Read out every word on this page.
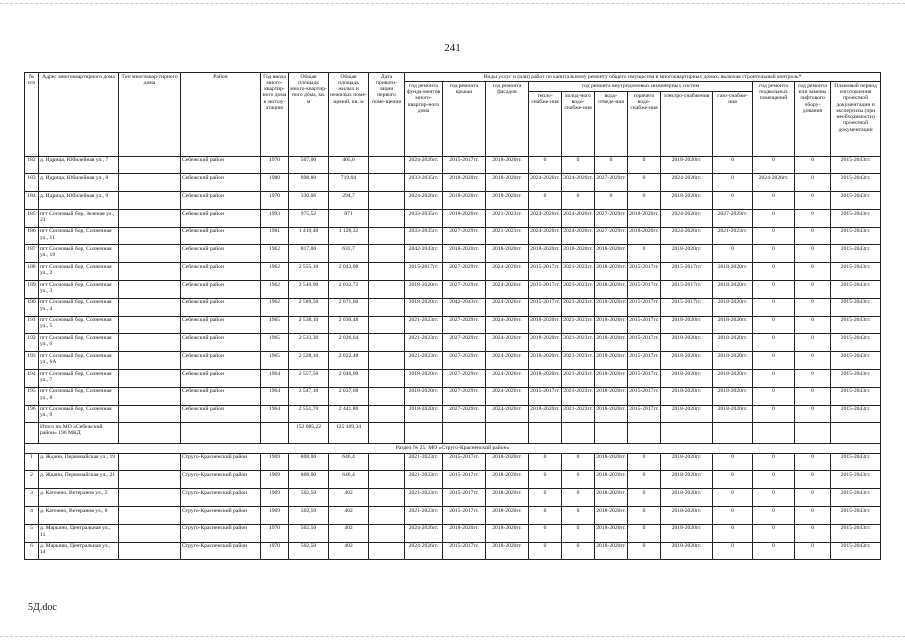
241
№ п/п	Адрес многоквартирного дома	Тип многоквар-тирного дома	Район	Год ввода много-квартир-ного дома в эксплу-атацию	Общая площадь много-квартир-ного дома, кв. м	Общая площадь жилых и нежилых поме-щений, кв. м	Дата привати-зации первого поме-щения	Виды услуг и (или) работ по капитальному ремонту общего имущества в многоквартирных домах, включая строительный контроль*											
								год ремонта фунда-ментов много-квартир-ного дома	год ремонта крыши	год ремонта фасадов	год ремонта внутридомовых инженерных систем						год ремонта подвальных помещений	год ремонта или замены лифтового обору-дования	Плановый период изготовления проектной документации и экспертизы (при необходимости) проектной документации
											тепло-снабже-ния	холод-ного водо-снабже-ния	водо-отведе-ния	горячего водо-снабже-ния	электро-снабжения	газо-снабже-ния			
182	д. Идрица, Юбилейная ул., 7		Себежский район	1970	507,00	405,6		2024-2026гг.	2015-2017гг.	2018-2020гг.	0	0	0	0	2018-2020гг.	0	0	0	2015-2043гг.
183	д. Идрица, Юбилейная ул., 8		Себежский район	1980	898,80	719,04		2033-2035гг.	2018-2020гг.	2018-2020гг.	2024-2026гг.	2024-2026гг.	2027-2029гг.	0	2024-2026гг.	0	2024-2026гг.	0	2015-2043гг.
184	д. Идрица, Юбилейная ул., 9		Себежский район	1970	330,06	294,7		2024-2026гг.	2018-2020гг.	2018-2020гг.	0	0	0	0	2018-2020гг.	0	0	0	2015-2043гг.
185	пгт Сосновый бор, Зеленая ул., 21		Себежский район	1993	975,52	871		2033-2035гг.	2018-2020гг.	2021-2023гг.	2024-2026гг.	2024-2026гг.	2027-2029гг.	2018-2020гг.	2024-2026гг.	2027-2029гг.	0	0	2015-2043гг.
186	пгт Сосновый бор, Солнечная ул., 11		Себежский район	1981	1 410,40	1 128,32		2033-2035гг.	2027-2029гг.	2021-2023гг.	2024-2026гг.	2024-2026гг.	2027-2029гг.	2018-2020гг.	2024-2026гг.	2021-2023гг.	0	0	2015-2043гг.
187	пгт Сосновый бор, Солнечная ул., 19		Себежский район	1962	817,00	633,7		2042-2043гг.	2018-2020гг.	2018-2020гг.	2018-2020гг.	2018-2020гг.	2018-2020гг.	0	2018-2020гг.	0	0	0	2015-2043гг.
188	пгт Сосновый бор, Солнечная ул., 2		Себежский район	1962	2 555,10	2 043,08		2015-2017гг.	2027-2029гг.	2024-2026гг.	2015-2017гг.	2021-2023гг.	2018-2020гг.	2015-2017гг.	2015-2017гг.	2018-2020гг.	0	0	2015-2043гг.
189	пгт Сосновый бор, Солнечная ул., 3		Себежский район	1962	2 540,90	2 032,72		2018-2020гг.	2027-2029гг.	2024-2026гг.	2015-2017гг.	2021-2023гг.	2018-2020гг.	2015-2017гг.	2015-2017гг.	2018-2020гг.	0	0	2015-2043гг.
190	пгт Сосновый бор, Солнечная ул., 4		Себежский район	1962	2 589,50	2 071,60		2018-2020гг.	2042-2043гг.	2024-2026гг.	2015-2017гг.	2021-2023гг.	2018-2020гг.	2015-2017гг.	2015-2017гг.	2018-2020гг.	0	0	2015-2043гг.
191	пгт Сосновый бор, Солнечная ул., 5		Себежский район	1965	2 538,10	2 030,48		2021-2023гг.	2027-2029гг.	2024-2026гг.	2018-2020гг.	2021-2023гг.	2018-2020гг.	2015-2017гг.	2018-2020гг.	2018-2020гг.	0	0	2015-2043гг.
192	пгт Сосновый бор, Солнечная ул., 6		Себежский район	1965	2 533,30	2 026,64		2021-2023гг.	2027-2029гг.	2024-2026гг.	2018-2020гг.	2021-2023гг.	2018-2020гг.	2015-2017гг.	2018-2020гг.	2018-2020гг.	0	0	2015-2043гг.
193	пгт Сосновый бор, Солнечная ул., 6А		Себежский район	1965	2 528,10	2 022,48		2021-2023гг.	2027-2029гг.	2024-2026гг.	2018-2020гг.	2021-2023гг.	2018-2020гг.	2015-2017гг.	2018-2020гг.	2018-2020гг.	0	0	2015-2043гг.
194	пгт Сосновый бор, Солнечная ул., 7		Себежский район	1964	2 557,50	2 046,00		2018-2020гг.	2027-2029гг.	2024-2026гг.	2018-2020гг.	2021-2023гг.	2018-2020гг.	2015-2017гг.	2018-2020гг.	2018-2020гг.	0	0	2015-2043гг.
195	пгт Сосновый бор, Солнечная ул., 8		Себежский район	1964	2 547,10	2 037,68		2018-2020гг.	2027-2029гг.	2024-2026гг.	2015-2017гг.	2021-2023гг.	2018-2020гг.	2015-2017гг.	2018-2020гг.	2018-2020гг.	0	0	2015-2043гг.
196	пгт Сосновый бор, Солнечная ул., 9		Себежский район	1964	2 551,70	2 441,80		2018-2020гг.	2027-2029гг.	2024-2026гг.	2018-2020гг.	2021-2023гг.	2018-2020гг.	2015-2017гг.	2018-2020гг.	2018-2020гг.	0	0	2015-2043гг.
	Итого по МО «Себежский район» 196 МКД				152 085,22	125 109,34													
Раздел № 25: МО «Струго-Красненский район»																			
1	д. Ждани, Первомайская ул., 19		Струго-Красненский район	1969	808,00	646,4		2021-2023гг.	2015-2017гг.	2018-2020гг.	0	0	2018-2020гг.	0	2018-2020гг.	0	0	0	2015-2043гг.
2	д. Ждани, Первомайская ул., 21		Струго-Красненский район	1969	808,00	646,4		2021-2023гг.	2015-2017гг.	2018-2020гг.	0	0	2018-2020гг.	0	2018-2020гг.	0	0	0	2015-2043гг.
3	д. Катежно, Ветеранов ул., 2		Струго-Красненский район	1969	502,50	402		2021-2023гг.	2015-2017гг.	2018-2020гг.	0	0	2018-2020гг.	0	2018-2020гг.	0	0	0	2015-2043гг.
4	д. Катежно, Ветеранов ул., 8		Струго-Красненский район	1969	502,50	402		2021-2023гг.	2015-2017гг.	2018-2020гг.	0	0	2018-2020гг.	0	2018-2020гг.	0	0	0	2015-2043гг.
5	д. Марьино, Центральная ул., 11		Струго-Красненский район	1970	502,50	402		2024-2026гг.	2018-2020гг.	2018-2020гг.	0	0	2018-2020гг.	0	2018-2020гг.	0	0	0	2015-2043гг.
6	д. Марьино, Центральная ул., 14		Струго-Красненский район	1970	502,50	402		2024-2026гг.	2015-2017гг.	2018-2020гг.	0	0	2018-2020гг.	0	2018-2020гг.	0	0	0	2015-2043гг.
5Д.doc
